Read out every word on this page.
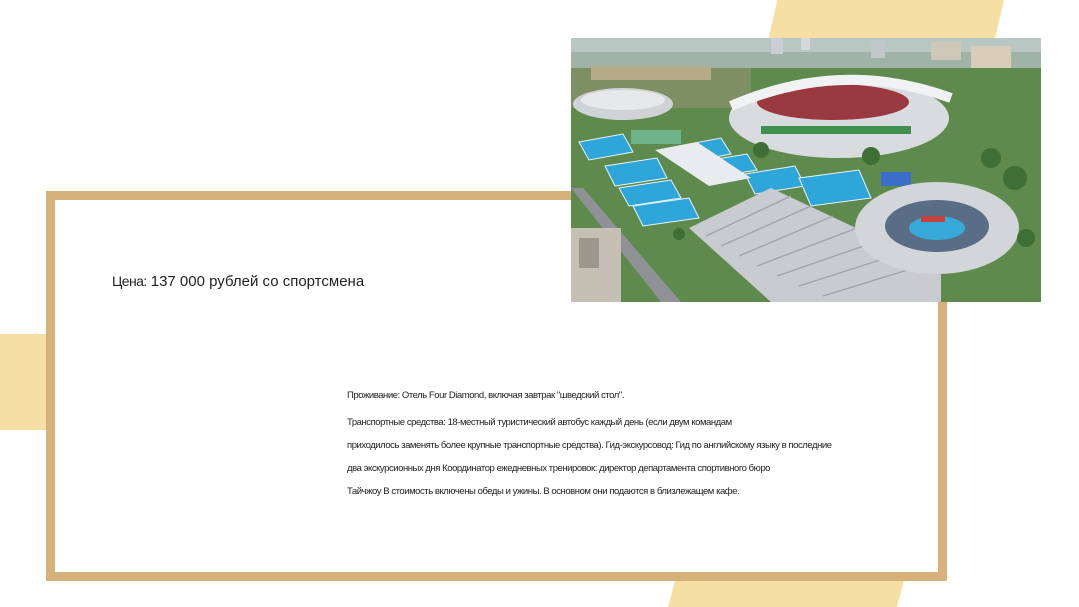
Цена: 137 000 рублей со спортсмена

Проживание: Отель Four Diamond, включая завтрак "шведский стол".

Транспортные средства: 18-местный туристический автобус каждый день (если двум командам

приходилось заменять более крупные транспортные средства). Гид-экскурсовод: Гид по английскому языку в последние

два экскурсионных дня Координатор ежедневных тренировок: директор департамента спортивного бюро

Тайчжоу В стоимость включены обеды и ужины. В основном они подаются в близлежащем кафе.
